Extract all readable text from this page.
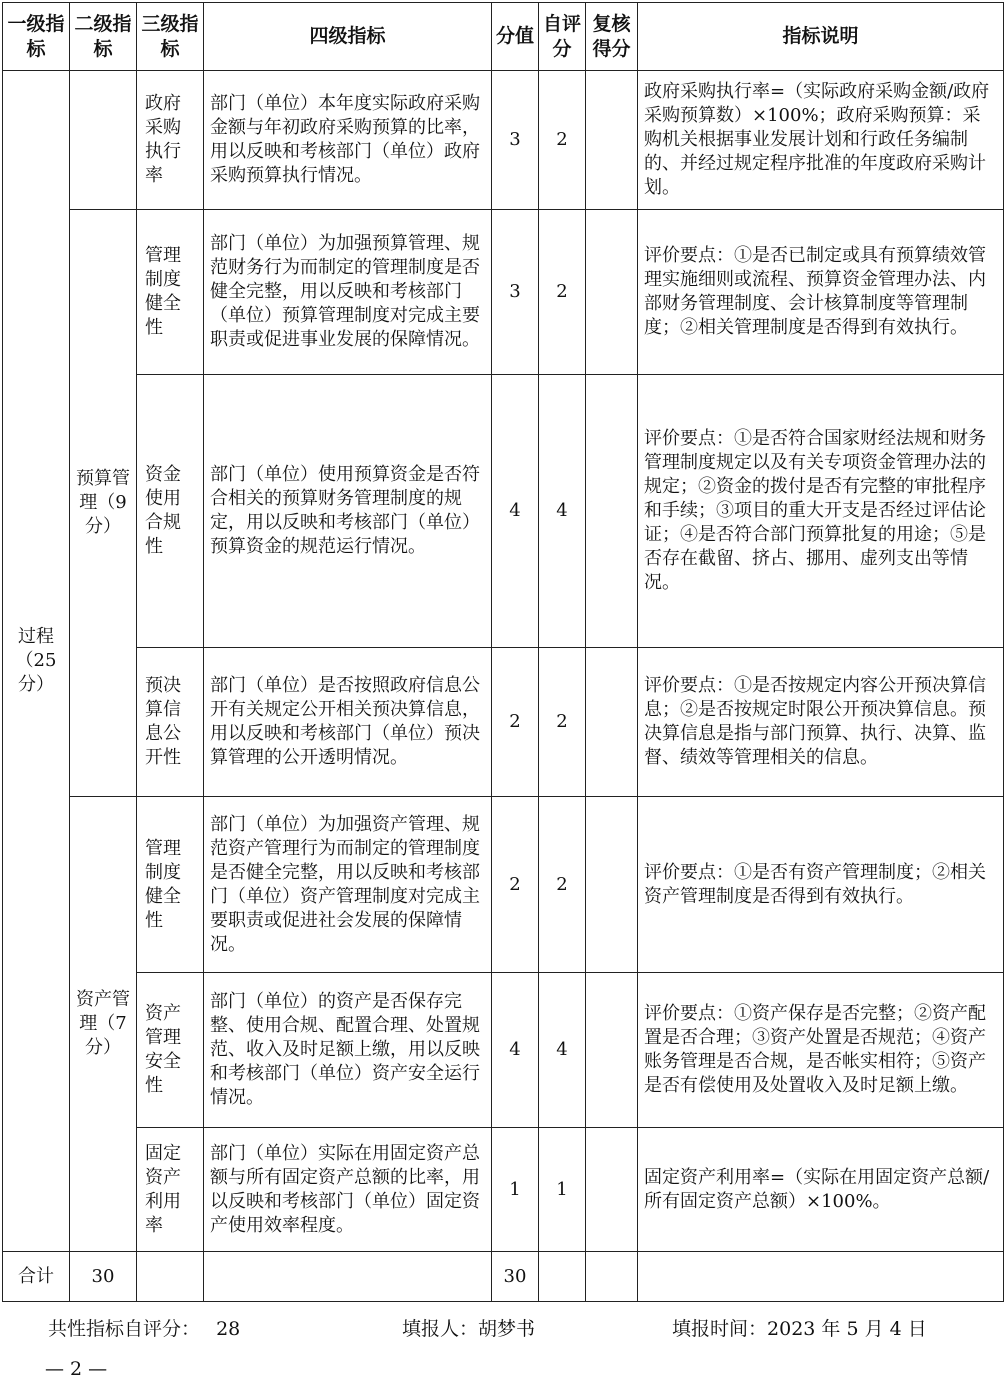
一级指标	二级指标	三级指标	四级指标	分值	自评分	复核得分	指标说明
过程（25分）		政府采购执行率	部门（单位）本年度实际政府采购金额与年初政府采购预算的比率，用以反映和考核部门（单位）政府采购预算执行情况。	3	2		政府采购执行率=（实际政府采购金额/政府采购预算数）×100%；政府采购预算：采购机关根据事业发展计划和行政任务编制的、并经过规定程序批准的年度政府采购计划。
	预算管理（9分）	管理制度健全性	部门（单位）为加强预算管理、规范财务行为而制定的管理制度是否健全完整，用以反映和考核部门（单位）预算管理制度对完成主要职责或促进事业发展的保障情况。	3	2		评价要点：①是否已制定或具有预算绩效管理实施细则或流程、预算资金管理办法、内部财务管理制度、会计核算制度等管理制度；②相关管理制度是否得到有效执行。
		资金使用合规性	部门（单位）使用预算资金是否符合相关的预算财务管理制度的规定，用以反映和考核部门（单位）预算资金的规范运行情况。	4	4		评价要点：①是否符合国家财经法规和财务管理制度规定以及有关专项资金管理办法的规定；②资金的拨付是否有完整的审批程序和手续；③项目的重大开支是否经过评估论证；④是否符合部门预算批复的用途；⑤是否存在截留、挤占、挪用、虚列支出等情况。
		预决算信息公开性	部门（单位）是否按照政府信息公开有关规定公开相关预决算信息，用以反映和考核部门（单位）预决算管理的公开透明情况。	2	2		评价要点：①是否按规定内容公开预决算信息；②是否按规定时限公开预决算信息。预决算信息是指与部门预算、执行、决算、监督、绩效等管理相关的信息。
	资产管理（7分）	管理制度健全性	部门（单位）为加强资产管理、规范资产管理行为而制定的管理制度是否健全完整，用以反映和考核部门（单位）资产管理制度对完成主要职责或促进社会发展的保障情况。	2	2		评价要点：①是否有资产管理制度；②相关资产管理制度是否得到有效执行。
		资产管理安全性	部门（单位）的资产是否保存完整、使用合规、配置合理、处置规范、收入及时足额上缴，用以反映和考核部门（单位）资产安全运行情况。	4	4		评价要点：①资产保存是否完整；②资产配置是否合理；③资产处置是否规范；④资产账务管理是否合规，是否帐实相符；⑤资产是否有偿使用及处置收入及时足额上缴。
		固定资产利用率	部门（单位）实际在用固定资产总额与所有固定资产总额的比率，用以反映和考核部门（单位）固定资产使用效率程度。	1	1		固定资产利用率=（实际在用固定资产总额/所有固定资产总额）×100%。
合计	30			30			
共性指标自评分： 28	填报人：胡梦书	填报时间：2023 年 5 月 4 日
— 2 —
